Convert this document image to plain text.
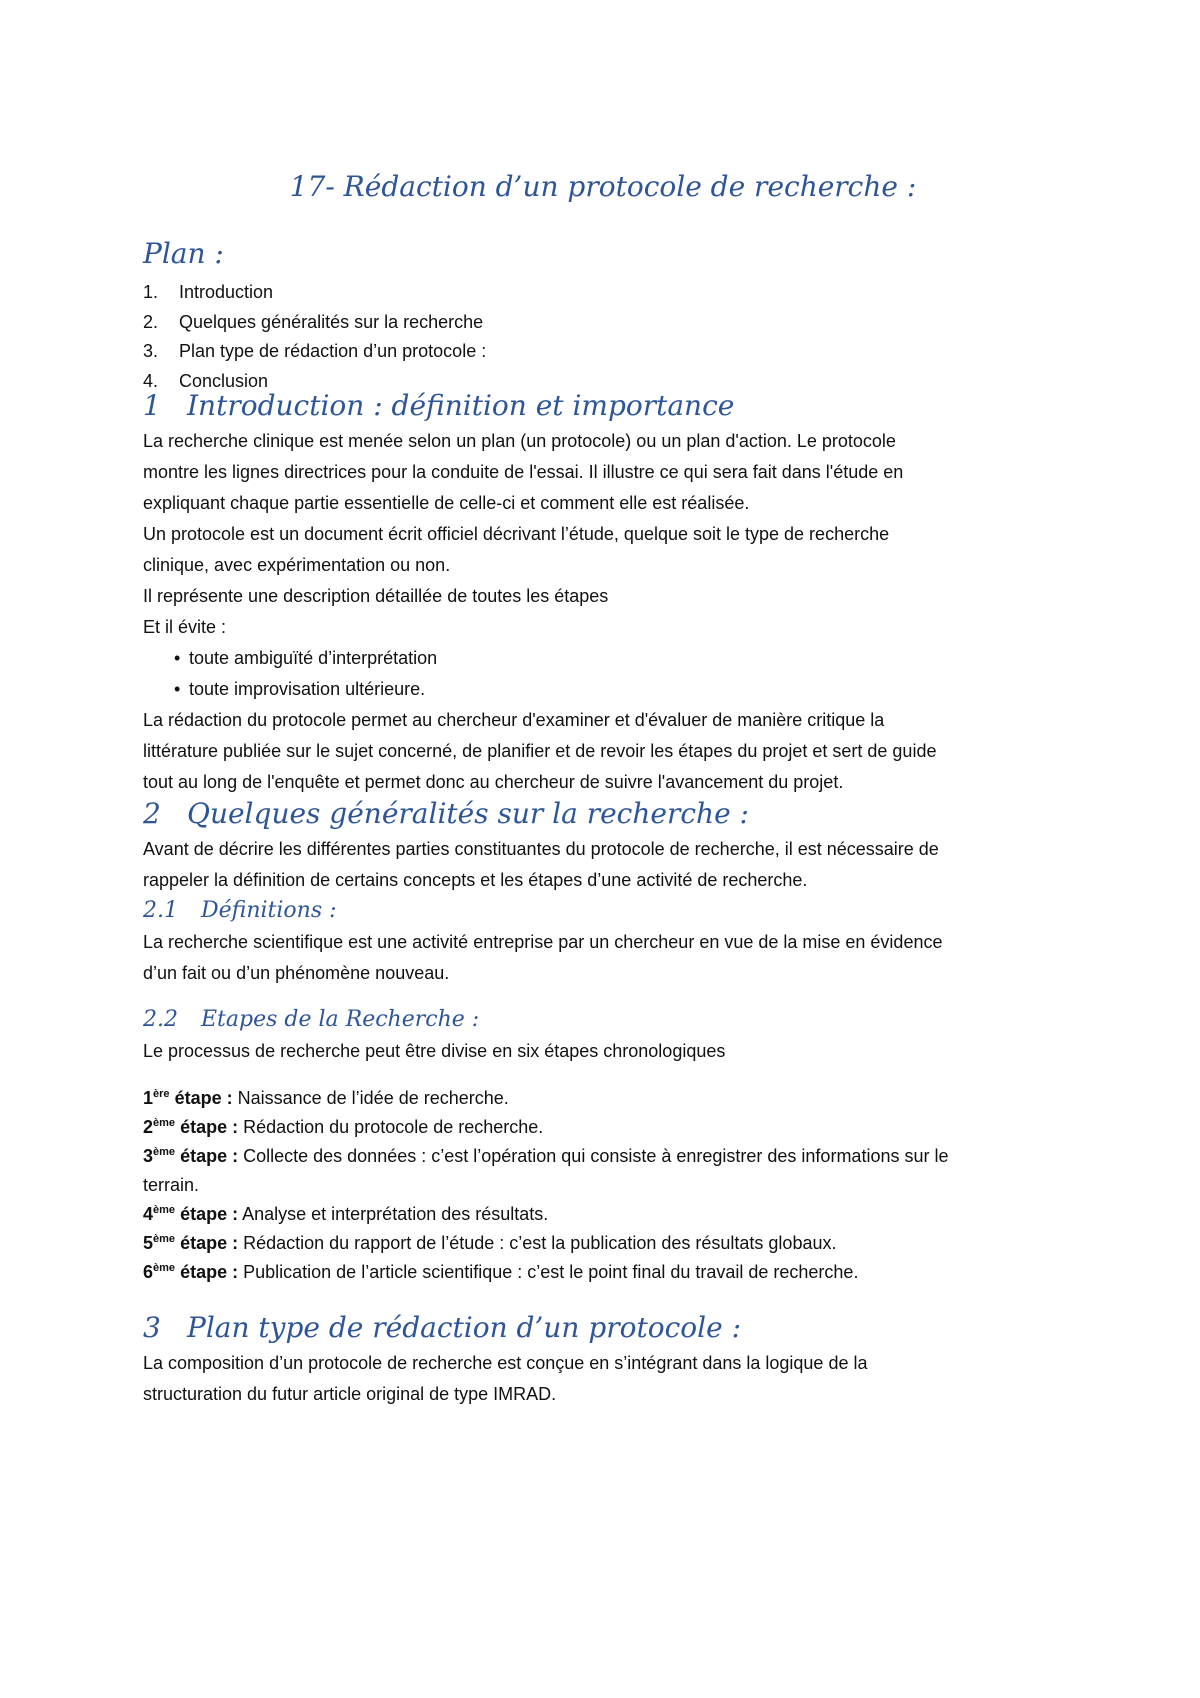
17- Rédaction d’un protocole de recherche :
Plan :
1. Introduction
2. Quelques généralités sur la recherche
3. Plan type de rédaction d’un protocole :
4. Conclusion
1 Introduction : définition et importance

La recherche clinique est menée selon un plan (un protocole) ou un plan d'action. Le protocole

montre les lignes directrices pour la conduite de l'essai. Il illustre ce qui sera fait dans l'étude en

expliquant chaque partie essentielle de celle-ci et comment elle est réalisée.

Un protocole est un document écrit officiel décrivant l’étude, quelque soit le type de recherche

clinique, avec expérimentation ou non.

Il représente une description détaillée de toutes les étapes

Et il évite :

• toute ambiguïté d’interprétation
• toute improvisation ultérieure.

La rédaction du protocole permet au chercheur d'examiner et d'évaluer de manière critique la

littérature publiée sur le sujet concerné, de planifier et de revoir les étapes du projet et sert de guide

tout au long de l'enquête et permet donc au chercheur de suivre l'avancement du projet.

2 Quelques généralités sur la recherche :

Avant de décrire les différentes parties constituantes du protocole de recherche, il est nécessaire de

rappeler la définition de certains concepts et les étapes d’une activité de recherche.

2.1 Définitions :

La recherche scientifique est une activité entreprise par un chercheur en vue de la mise en évidence

d’un fait ou d’un phénomène nouveau.

2.2 Etapes de la Recherche :

Le processus de recherche peut être divise en six étapes chronologiques

1ère étape : Naissance de l’idée de recherche.

2ème étape : Rédaction du protocole de recherche.

3ème étape : Collecte des données : c’est l’opération qui consiste à enregistrer des informations sur le

terrain.

4ème étape : Analyse et interprétation des résultats.

5ème étape : Rédaction du rapport de l’étude : c’est la publication des résultats globaux.

6ème étape : Publication de l’article scientifique : c’est le point final du travail de recherche.

3 Plan type de rédaction d’un protocole :

La composition d’un protocole de recherche est conçue en s’intégrant dans la logique de la

structuration du futur article original de type IMRAD.
